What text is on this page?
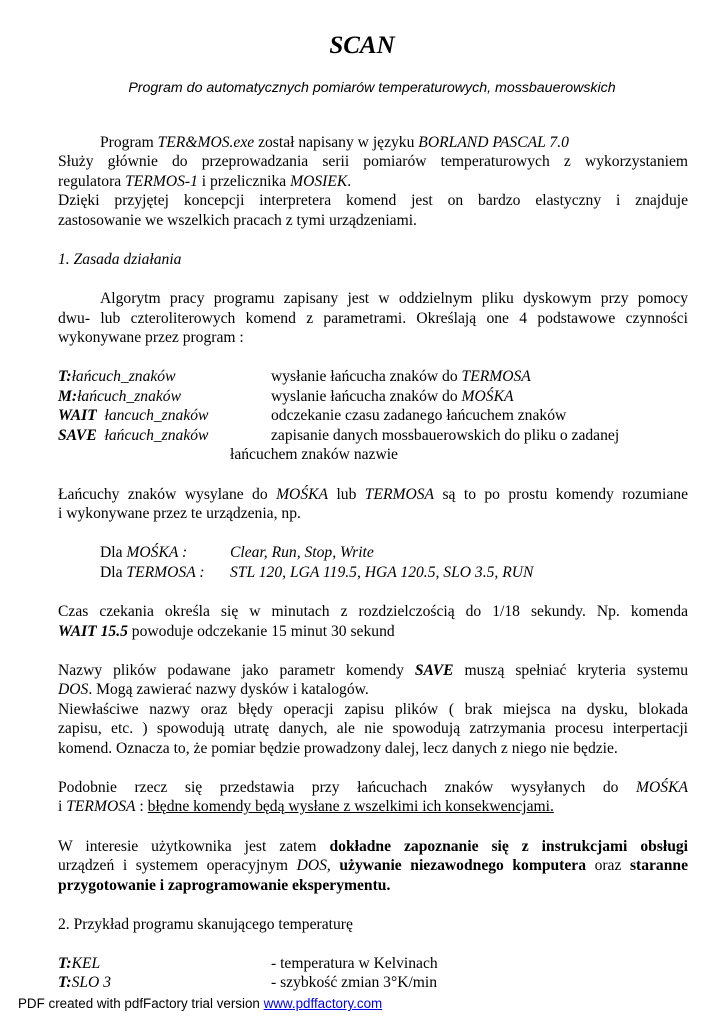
SCAN
Program do automatycznych pomiarów temperaturowych, mossbauerowskich
Program TER&MOS.exe został napisany w języku BORLAND PASCAL 7.0
Służy głównie do przeprowadzania serii pomiarów temperaturowych z wykorzystaniem
regulatora TERMOS-1 i przelicznika MOSIEK.
Dzięki przyjętej koncepcji interpretera komend jest on bardzo elastyczny i znajduje
zastosowanie we wszelkich pracach z tymi urządzeniami.
1. Zasada działania
Algorytm pracy programu zapisany jest w oddzielnym pliku dyskowym przy pomocy
dwu- lub czteroliterowych komend z parametrami. Określają one 4 podstawowe czynności
wykonywane przez program :
T:łańcuch_znaków	wysłanie łańcucha znaków do TERMOSA
M:łańcuch_znaków	wyslanie łańcucha znaków do MOŚKA
WAIT  łancuch_znaków	odczekanie czasu zadanego łańcuchem znaków
SAVE  łańcuch_znaków	zapisanie danych mossbauerowskich do pliku o zadanej
łańcuchem znaków nazwie
Łańcuchy znaków wysylane do MOŚKA lub TERMOSA są to po prostu komendy rozumiane
i wykonywane przez te urządzenia, np.
Dla MOŚKA :	Clear, Run, Stop, Write
Dla TERMOSA : STL 120, LGA 119.5, HGA 120.5, SLO 3.5, RUN
Czas czekania określa się w minutach z rozdzielczością do 1/18 sekundy. Np. komenda
WAIT 15.5 powoduje odczekanie 15 minut 30 sekund
Nazwy plików podawane jako parametr komendy SAVE muszą spełniać kryteria systemu
DOS. Mogą zawierać nazwy dysków i katalogów.
Niewłaściwe nazwy oraz błędy operacji zapisu plików ( brak miejsca na dysku, blokada
zapisu, etc. ) spowodują utratę danych, ale nie spowodują zatrzymania procesu interpertacji
komend. Oznacza to, że pomiar będzie prowadzony dalej, lecz danych z niego nie będzie.
Podobnie rzecz się przedstawia przy łańcuchach znaków wysyłanych do MOŚKA
i TERMOSA : błędne komendy będą wysłane z wszelkimi ich konsekwencjami.
W interesie użytkownika jest zatem dokładne zapoznanie się z instrukcjami obsługi
urządzeń i systemem operacyjnym DOS, używanie niezawodnego komputera oraz staranne
przygotowanie i zaprogramowanie eksperymentu.
2. Przykład programu skanującego temperaturę
T:KEL	- temperatura w Kelvinach
T:SLO 3	- szybkość zmian 3°K/min
PDF created with pdfFactory trial version www.pdffactory.com
